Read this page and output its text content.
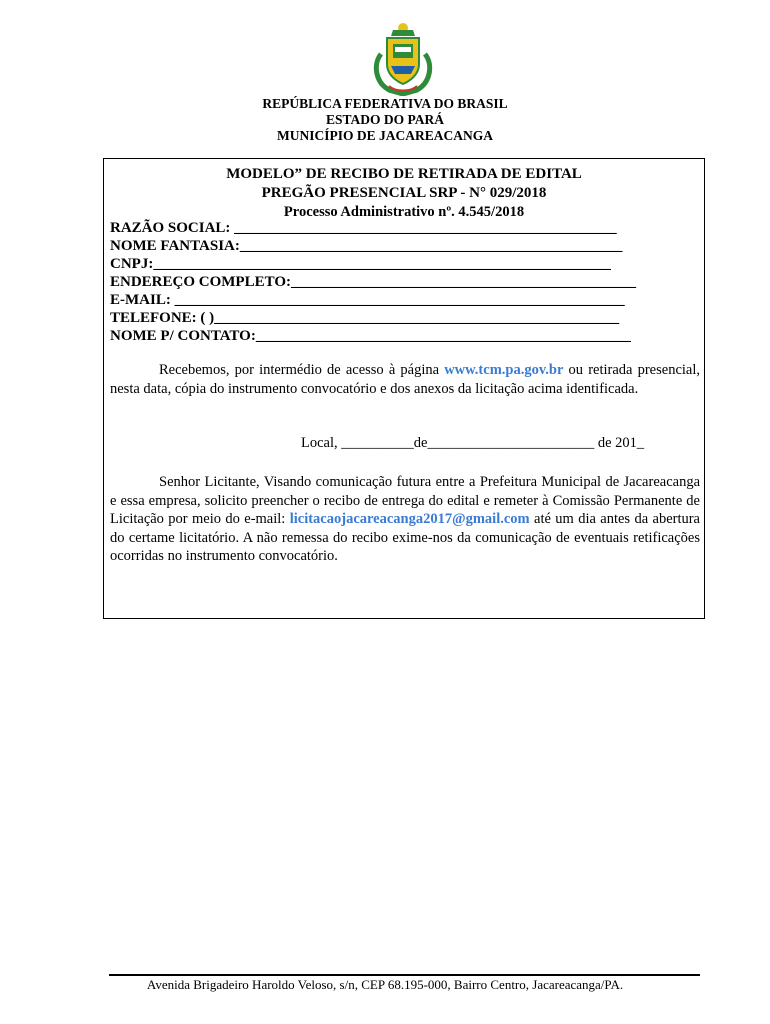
REPÚBLICA FEDERATIVA DO BRASIL
ESTADO DO PARÁ
MUNICÍPIO DE JACAREACANGA
MODELO” DE RECIBO DE RETIRADA DE EDITAL
PREGÃO PRESENCIAL SRP - N° 029/2018
Processo Administrativo nº. 4.545/2018
RAZÃO SOCIAL: ___________________________________________________
NOME FANTASIA:___________________________________________________
CNPJ:_____________________________________________________________
ENDEREÇO COMPLETO:______________________________________________
E-MAIL: ____________________________________________________________
TELEFONE: ( )______________________________________________________
NOME P/ CONTATO:__________________________________________________
Recebemos, por intermédio de acesso à página www.tcm.pa.gov.br ou retirada presencial, nesta data, cópia do instrumento convocatório e dos anexos da licitação acima identificada.
Local, __________de_______________________ de 201_
Senhor Licitante, Visando comunicação futura entre a Prefeitura Municipal de Jacareacanga e essa empresa, solicito preencher o recibo de entrega do edital e remeter à Comissão Permanente de Licitação por meio do e-mail: licitacaojacareacanga2017@gmail.com até um dia antes da abertura do certame licitatório. A não remessa do recibo exime-nos da comunicação de eventuais retificações ocorridas no instrumento convocatório.
Avenida Brigadeiro Haroldo Veloso, s/n, CEP 68.195-000, Bairro Centro, Jacareacanga/PA.
